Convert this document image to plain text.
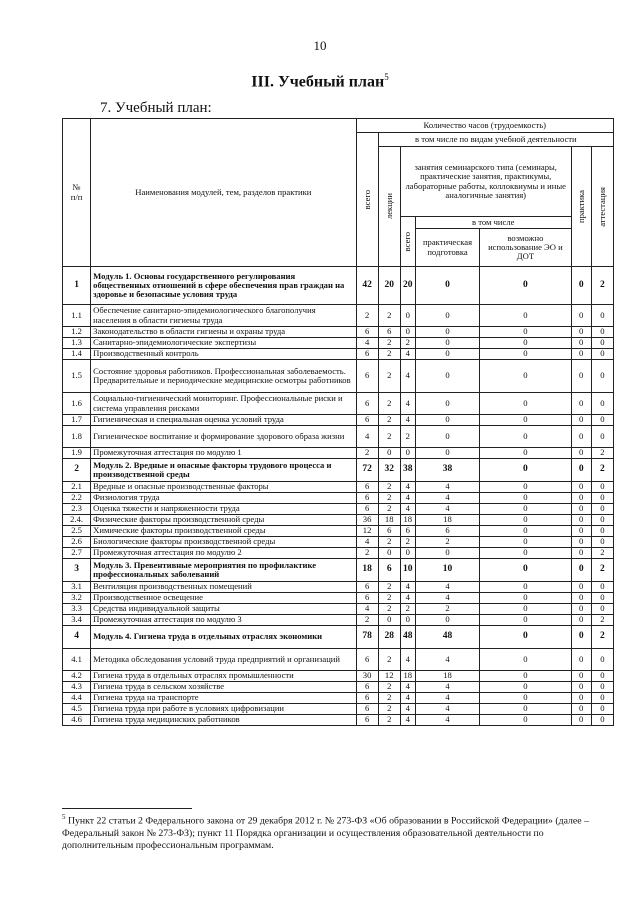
10
III. Учебный план$^5$
7. Учебный план:
№
п/п	Наименования модулей, тем, разделов практики	Количество часов (трудоемкость)						

		всего	в том числе по видам учебной деятельности					

			лекции	занятия семинарского типа (семинары, практические занятия, практикумы, лабораторные работы, коллоквиумы и иные аналогичные занятия)			практика	аттестация

				всего	в том числе			
					практическая подготовка	возможно использование ЭО и ДОТ		
1	Модуль 1. Основы государственного регулирования общественных отношений в сфере обеспечения прав граждан на здоровье и безопасные условия труда	42	20	20	0	0	0	2
1.1	Обеспечение санитарно-эпидемиологического благополучия населения в области гигиены труда	2	2	0	0	0	0	0
1.2	Законодательство в области гигиены и охраны труда	6	6	0	0	0	0	0
1.3	Санитарно-эпидемиологические экспертизы	4	2	2	0	0	0	0
1.4	Производственный контроль	6	2	4	0	0	0	0
1.5	Состояние здоровья работников. Профессиональная заболеваемость. Предварительные и периодические медицинские осмотры работников	6	2	4	0	0	0	0
1.6	Социально-гигиенический мониторинг. Профессиональные риски и система управления рисками	6	2	4	0	0	0	0
1.7	Гигиеническая и специальная оценка условий труда	6	2	4	0	0	0	0
1.8	Гигиеническое воспитание и формирование здорового образа жизни	4	2	2	0	0	0	0
1.9	Промежуточная аттестация по модулю 1	2	0	0	0	0	0	2
2	Модуль 2. Вредные и опасные факторы трудового процесса и производственной среды	72	32	38	38	0	0	2
2.1	Вредные и опасные производственные факторы	6	2	4	4	0	0	0
2.2	Физиология труда	6	2	4	4	0	0	0
2.3	Оценка тяжести и напряженности труда	6	2	4	4	0	0	0
2.4.	Физические факторы производственной среды	36	18	18	18	0	0	0
2.5	Химические факторы производственной среды	12	6	6	6	0	0	0
2.6	Биологические факторы производственной среды	4	2	2	2	0	0	0
2.7	Промежуточная аттестация по модулю 2	2	0	0	0	0	0	2
3	Модуль 3. Превентивные мероприятия по профилактике профессиональных заболеваний	18	6	10	10	0	0	2
3.1	Вентиляция производственных помещений	6	2	4	4	0	0	0
3.2	Производственное освещение	6	2	4	4	0	0	0
3.3	Средства индивидуальной защиты	4	2	2	2	0	0	0
3.4	Промежуточная аттестация по модулю 3	2	0	0	0	0	0	2
4	Модуль 4. Гигиена труда в отдельных отраслях экономики	78	28	48	48	0	0	2
4.1	Методика обследования условий труда предприятий и организаций	6	2	4	4	0	0	0
4.2	Гигиена труда в отдельных отраслях промышленности	30	12	18	18	0	0	0
4.3	Гигиена труда в сельском хозяйстве	6	2	4	4	0	0	0
4.4	Гигиена труда на транспорте	6	2	4	4	0	0	0
4.5	Гигиена труда при работе в условиях цифровизации	6	2	4	4	0	0	0
4.6	Гигиена труда медицинских работников	6	2	4	4	0	0	0
$^5$ Пункт 22 статьи 2 Федерального закона от 29 декабря 2012 г. № 273-ФЗ «Об образовании в Российской Федерации» (далее – Федеральный закон № 273-ФЗ); пункт 11 Порядка организации и осуществления образовательной деятельности по дополнительным профессиональным программам.
